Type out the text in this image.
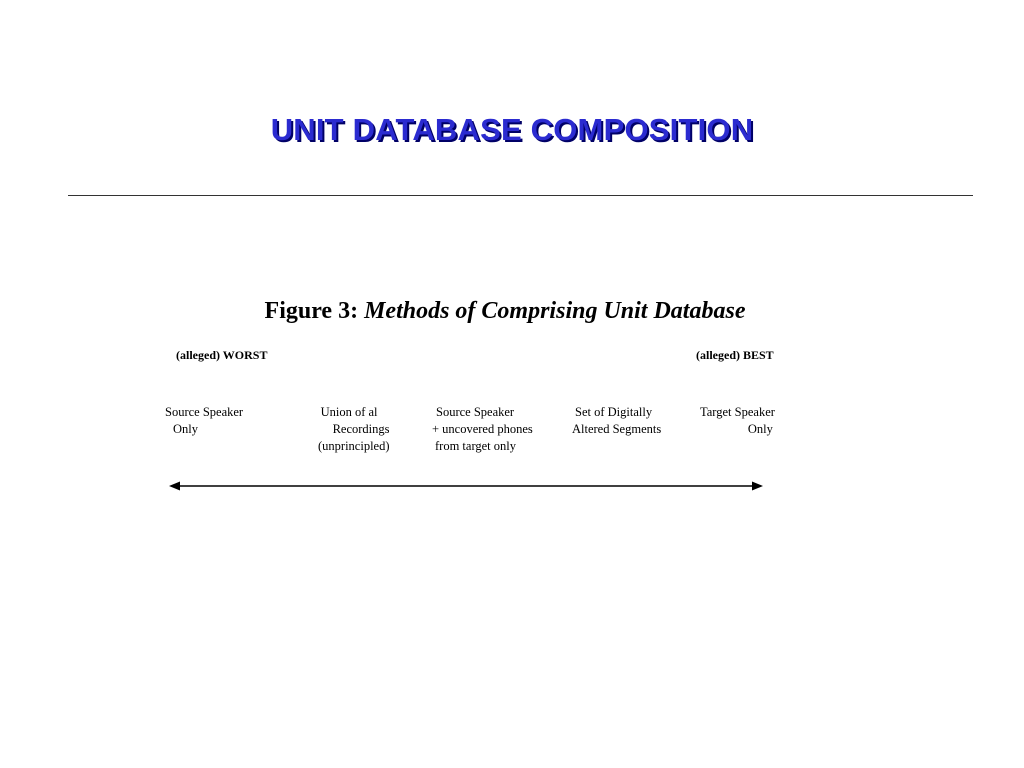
UNIT DATABASE COMPOSITION
Figure 3: Methods of Comprising Unit Database
(alleged) WORST	(alleged) BEST
Source Speaker
Only
Union of al
Recordings
(unprincipled)
Source Speaker
+ uncovered phones
from target only
Set of Digitally
Altered Segments
Target Speaker
Only
